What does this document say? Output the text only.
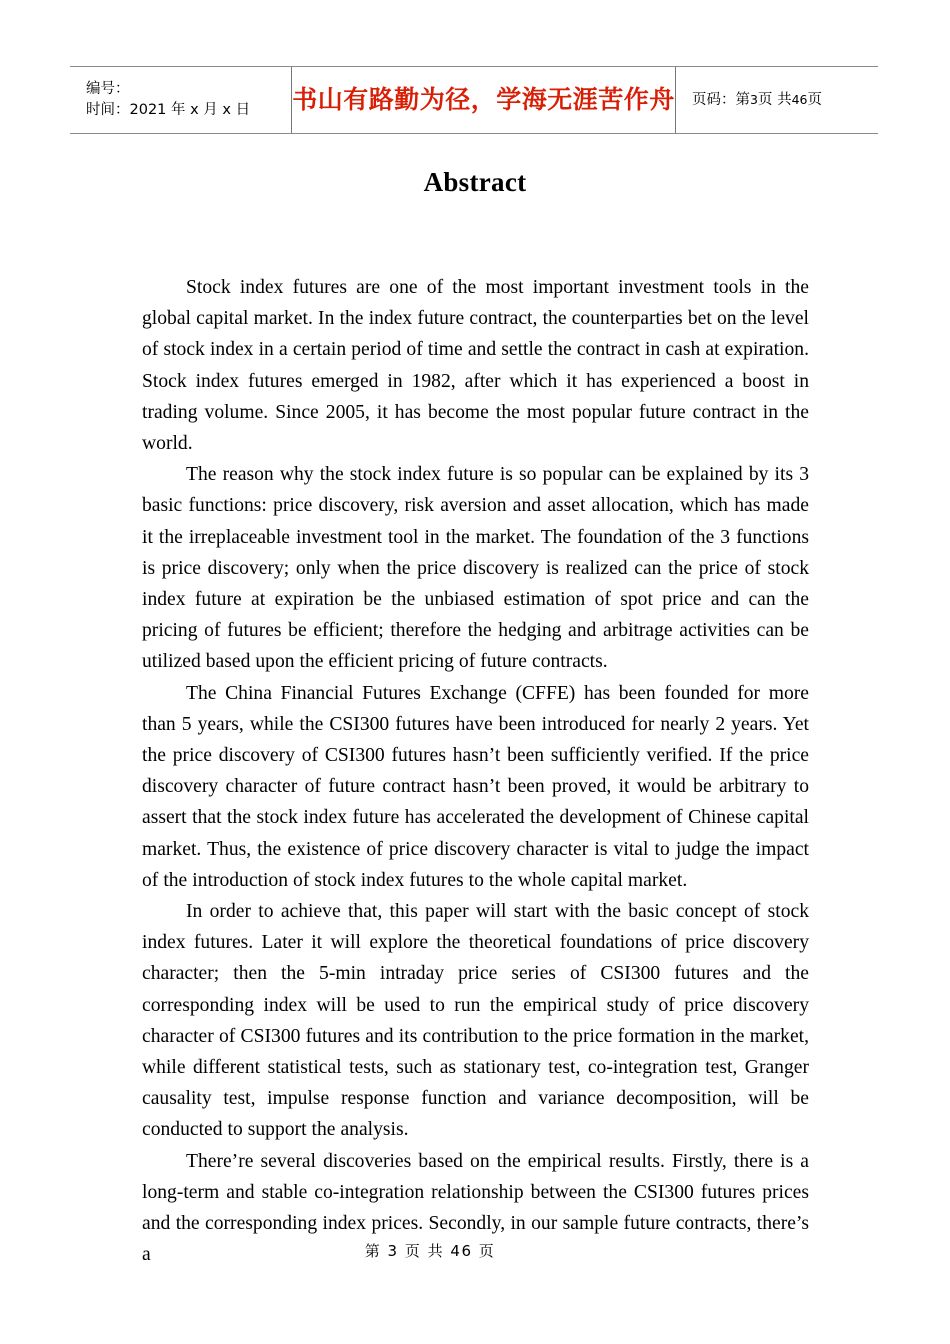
编号：
时间：2021 年 x 月 x 日	书山有路勤为径，学海无涯苦作舟 页码：第3页 共46页
Abstract

Stock index futures are one of the most important investment tools in the global capital market. In the index future contract, the counterparties bet on the level of stock index in a certain period of time and settle the contract in cash at expiration. Stock index futures emerged in 1982, after which it has experienced a boost in trading volume. Since 2005, it has become the most popular future contract in the world.

The reason why the stock index future is so popular can be explained by its 3 basic functions: price discovery, risk aversion and asset allocation, which has made it the irreplaceable investment tool in the market. The foundation of the 3 functions is price discovery; only when the price discovery is realized can the price of stock index future at expiration be the unbiased estimation of spot price and can the pricing of futures be efficient; therefore the hedging and arbitrage activities can be utilized based upon the efficient pricing of future contracts.

The China Financial Futures Exchange (CFFE) has been founded for more than 5 years, while the CSI300 futures have been introduced for nearly 2 years. Yet the price discovery of CSI300 futures hasn’t been sufficiently verified. If the price discovery character of future contract hasn’t been proved, it would be arbitrary to assert that the stock index future has accelerated the development of Chinese capital market. Thus, the existence of price discovery character is vital to judge the impact of the introduction of stock index futures to the whole capital market.

In order to achieve that, this paper will start with the basic concept of stock index futures. Later it will explore the theoretical foundations of price discovery character; then the 5-min intraday price series of CSI300 futures and the corresponding index will be used to run the empirical study of price discovery character of CSI300 futures and its contribution to the price formation in the market, while different statistical tests, such as stationary test, co-integration test, Granger causality test, impulse response function and variance decomposition, will be conducted to support the analysis.

There’re several discoveries based on the empirical results. Firstly, there is a long-term and stable co-integration relationship between the CSI300 futures prices and the corresponding index prices. Secondly, in our sample future contracts, there’s a	第 3 页 共 46 页
